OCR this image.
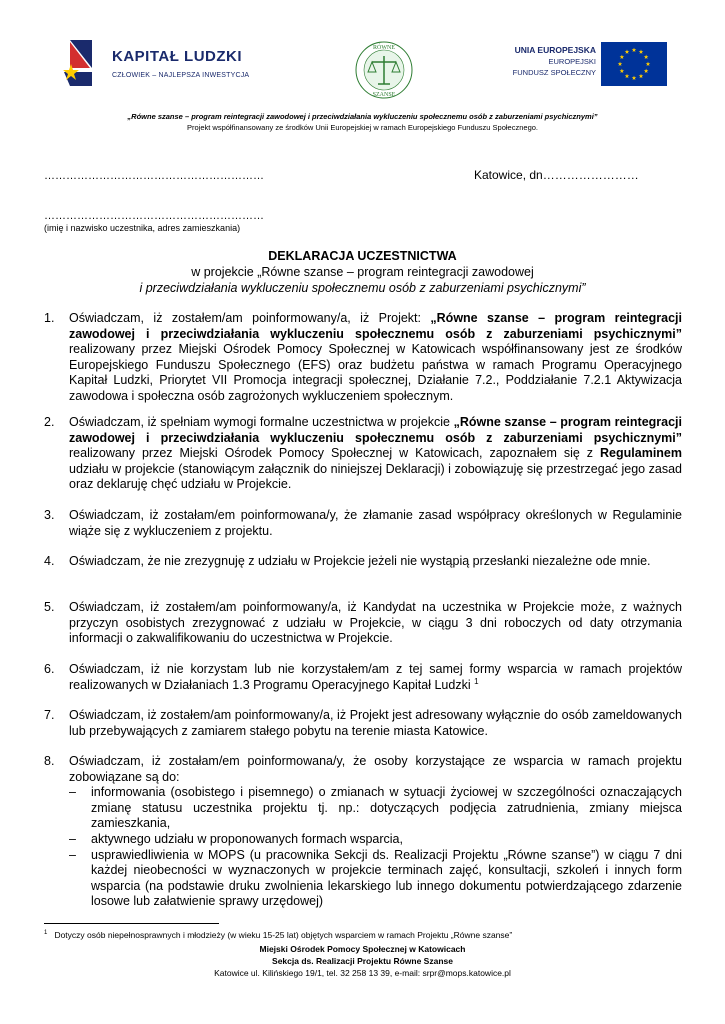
KAPITAŁ LUDZKI
CZŁOWIEK – NAJLEPSZA INWESTYCJA
RÓWNE
SZANSE
UNIA EUROPEJSKA
EUROPEJSKI
FUNDUSZ SPOŁECZNY
„Równe szanse – program reintegracji zawodowej i przeciwdziałania wykluczeniu społecznemu osób z zaburzeniami psychicznymi”
Projekt współfinansowany ze środków Unii Europejskiej w ramach Europejskiego Funduszu Społecznego.
……………………………………………………	Katowice, dn……………………
……………………………………………………
(imię i nazwisko uczestnika, adres zamieszkania)
DEKLARACJA UCZESTNICTWA
w projekcie „Równe szanse – program reintegracji zawodowej
i przeciwdziałania wykluczeniu społecznemu osób z zaburzeniami psychicznymi”
1. Oświadczam, iż zostałem/am poinformowany/a, iż Projekt: „Równe szanse – program reintegracji zawodowej i przeciwdziałania wykluczeniu społecznemu osób z zaburzeniami psychicznymi” realizowany przez Miejski Ośrodek Pomocy Społecznej w Katowicach współfinansowany jest ze środków Europejskiego Funduszu Społecznego (EFS) oraz budżetu państwa w ramach Programu Operacyjnego Kapitał Ludzki, Priorytet VII Promocja integracji społecznej, Działanie 7.2., Poddziałanie 7.2.1 Aktywizacja zawodowa i społeczna osób zagrożonych wykluczeniem społecznym.
2. Oświadczam, iż spełniam wymogi formalne uczestnictwa w projekcie „Równe szanse – program reintegracji zawodowej i przeciwdziałania wykluczeniu społecznemu osób z zaburzeniami psychicznymi” realizowany przez Miejski Ośrodek Pomocy Społecznej w Katowicach, zapoznałem się z Regulaminem udziału w projekcie (stanowiącym załącznik do niniejszej Deklaracji) i zobowiązuję się przestrzegać jego zasad oraz deklaruję chęć udziału w Projekcie.
3. Oświadczam, iż zostałam/em poinformowana/y, że złamanie zasad współpracy określonych w Regulaminie wiąże się z wykluczeniem z projektu.
4. Oświadczam, że nie zrezygnuję z udziału w Projekcie jeżeli nie wystąpią przesłanki niezależne ode mnie.
5. Oświadczam, iż zostałem/am poinformowany/a, iż Kandydat na uczestnika w Projekcie może, z ważnych przyczyn osobistych zrezygnować z udziału w Projekcie, w ciągu 3 dni roboczych od daty otrzymania informacji o zakwalifikowaniu do uczestnictwa w Projekcie.
6. Oświadczam, iż nie korzystam lub nie korzystałem/am z tej samej formy wsparcia w ramach projektów realizowanych w Działaniach 1.3 Programu Operacyjnego Kapitał Ludzki $^1$
7. Oświadczam, iż zostałem/am poinformowany/a, iż Projekt jest adresowany wyłącznie do osób zameldowanych lub przebywających z zamiarem stałego pobytu na terenie miasta Katowice.
8. Oświadczam, iż zostałam/em poinformowana/y, że osoby korzystające ze wsparcia w ramach projektu zobowiązane są do:
– informowania (osobistego i pisemnego) o zmianach w sytuacji życiowej w szczególności oznaczających zmianę statusu uczestnika projektu tj. np.: dotyczących podjęcia zatrudnienia, zmiany miejsca zamieszkania,
– aktywnego udziału w proponowanych formach wsparcia,
– usprawiedliwienia w MOPS (u pracownika Sekcji ds. Realizacji Projektu „Równe szanse”) w ciągu 7 dni każdej nieobecności w wyznaczonych w projekcie terminach zajęć, konsultacji, szkoleń i innych form wsparcia (na podstawie druku zwolnienia lekarskiego lub innego dokumentu potwierdzającego zdarzenie losowe lub załatwienie sprawy urzędowej)
$^1$ Dotyczy osób niepełnosprawnych i młodzieży (w wieku 15-25 lat) objętych wsparciem w ramach Projektu „Równe szanse”
Miejski Ośrodek Pomocy Społecznej w Katowicach
Sekcja ds. Realizacji Projektu Równe Szanse
Katowice ul. Kilińskiego 19/1, tel. 32 258 13 39, e-mail: srpr@mops.katowice.pl
